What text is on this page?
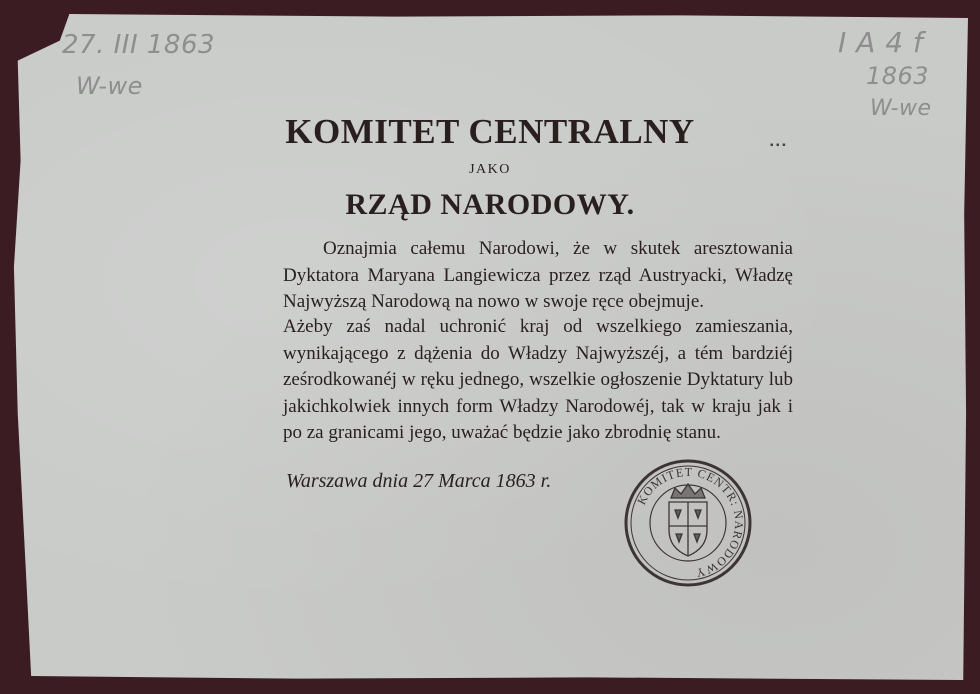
27. III 1863
W-we
I A 4 f
1863
W-we
KOMITET CENTRALNY
JAKO
RZĄD NARODOWY.
▪ ▪ ▪

Oznajmia całemu Narodowi, że w skutek aresztowania Dyktatora Maryana Langiewicza przez rząd Austryacki, Władzę Najwyższą Narodową na nowo w swoje ręce obejmuje.

Ażeby zaś nadal uchronić kraj od wszelkiego zamieszania, wynikającego z dążenia do Władzy Najwyższéj, a tém bardziéj ześrodkowanéj w ręku jednego, wszelkie ogłoszenie Dyktatury lub jakichkolwiek innych form Władzy Narodowéj, tak w kraju jak i po za granicami jego, uważać będzie jako zbrodnię stanu.

Warszawa dnia 27 Marca 1863 r.
KOMITET CENTR: NARODOWY
